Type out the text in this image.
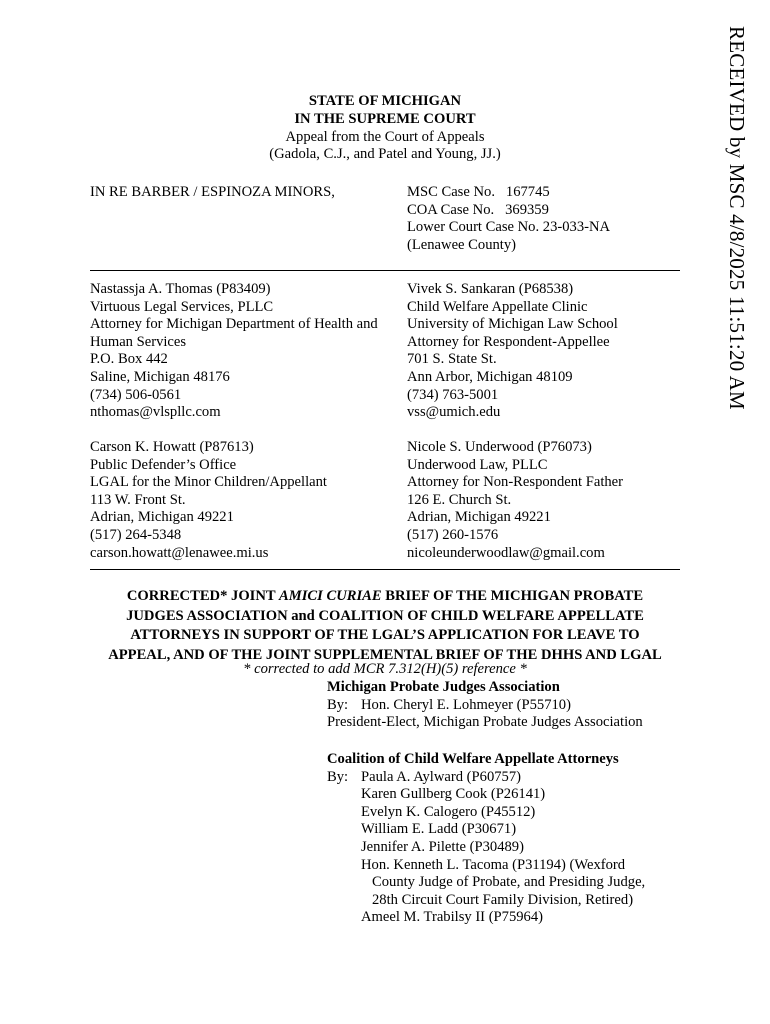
RECEIVED by MSC 4/8/2025 11:51:20 AM
STATE OF MICHIGAN
IN THE SUPREME COURT
Appeal from the Court of Appeals
(Gadola, C.J., and Patel and Young, JJ.)
IN RE BARBER / ESPINOZA MINORS,	MSC Case No.   167745
COA Case No.   369359
Lower Court Case No. 23-033-NA
(Lenawee County)
Nastassja A. Thomas (P83409)
Virtuous Legal Services, PLLC
Attorney for Michigan Department of Health and
Human Services
P.O. Box 442
Saline, Michigan 48176
(734) 506-0561
nthomas@vlspllc.com
Vivek S. Sankaran (P68538)
Child Welfare Appellate Clinic
University of Michigan Law School
Attorney for Respondent-Appellee
701 S. State St.
Ann Arbor, Michigan 48109
(734) 763-5001
vss@umich.edu
Carson K. Howatt (P87613)
Public Defender’s Office
LGAL for the Minor Children/Appellant
113 W. Front St.
Adrian, Michigan 49221
(517) 264-5348
carson.howatt@lenawee.mi.us
Nicole S. Underwood (P76073)
Underwood Law, PLLC
Attorney for Non-Respondent Father
126 E. Church St.
Adrian, Michigan 49221
(517) 260-1576
nicoleunderwoodlaw@gmail.com
CORRECTED* JOINT AMICI CURIAE BRIEF OF THE MICHIGAN PROBATE
JUDGES ASSOCIATION and COALITION OF CHILD WELFARE APPELLATE
ATTORNEYS IN SUPPORT OF THE LGAL’S APPLICATION FOR LEAVE TO
APPEAL, AND OF THE JOINT SUPPLEMENTAL BRIEF OF THE DHHS AND LGAL
* corrected to add MCR 7.312(H)(5) reference *
Michigan Probate Judges Association
By: Hon. Cheryl E. Lohmeyer (P55710)
President-Elect, Michigan Probate Judges Association
Coalition of Child Welfare Appellate Attorneys
By: Paula A. Aylward (P60757)
Karen Gullberg Cook (P26141)
Evelyn K. Calogero (P45512)
William E. Ladd (P30671)
Jennifer A. Pilette (P30489)
Hon. Kenneth L. Tacoma (P31194) (Wexford
County Judge of Probate, and Presiding Judge,
28th Circuit Court Family Division, Retired)
Ameel M. Trabilsy II (P75964)
